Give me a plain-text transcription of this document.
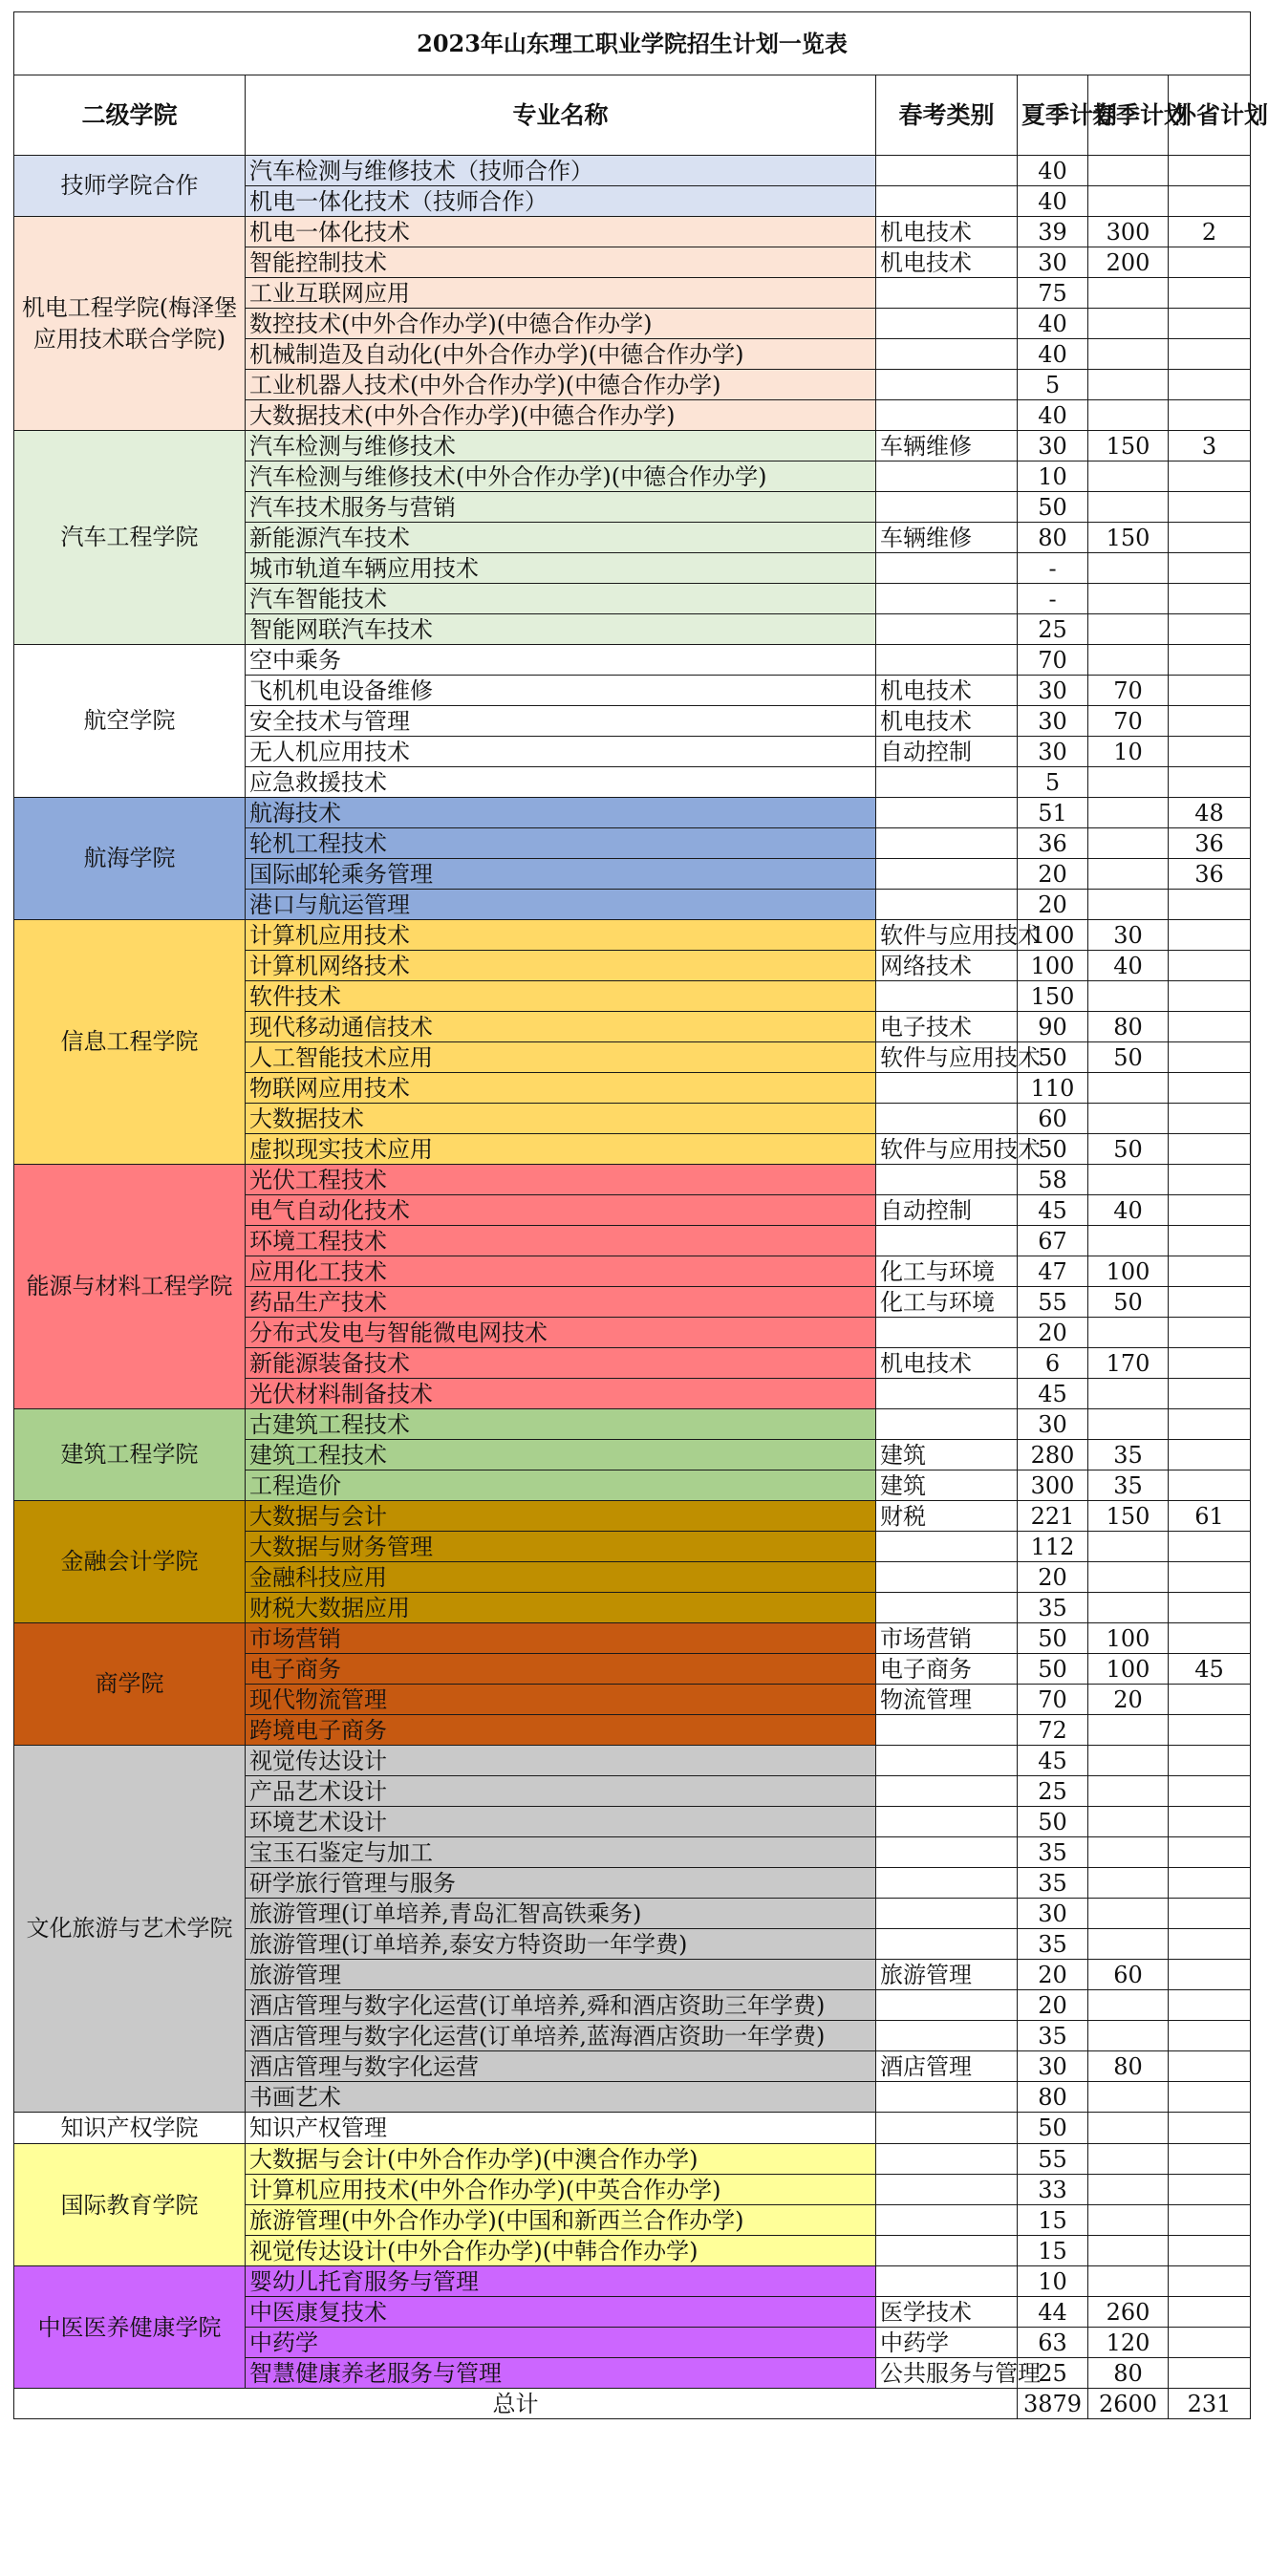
2023年山东理工职业学院招生计划一览表					
二级学院	专业名称	春考类别	夏季计划	春季计划	外省计划
技师学院合作	汽车检测与维修技术（技师合作）		40		
	机电一体化技术（技师合作）		40		
机电工程学院(梅泽堡应用技术联合学院)	机电一体化技术	机电技术	39	300	2
	智能控制技术	机电技术	30	200	
	工业互联网应用		75		
	数控技术(中外合作办学)(中德合作办学)		40		
	机械制造及自动化(中外合作办学)(中德合作办学)		40		
	工业机器人技术(中外合作办学)(中德合作办学)		5		
	大数据技术(中外合作办学)(中德合作办学)		40		
汽车工程学院	汽车检测与维修技术	车辆维修	30	150	3
	汽车检测与维修技术(中外合作办学)(中德合作办学)		10		
	汽车技术服务与营销		50		
	新能源汽车技术	车辆维修	80	150	
	城市轨道车辆应用技术		-		
	汽车智能技术		-		
	智能网联汽车技术		25		
航空学院	空中乘务		70		
	飞机机电设备维修	机电技术	30	70	
	安全技术与管理	机电技术	30	70	
	无人机应用技术	自动控制	30	10	
	应急救援技术		5		
航海学院	航海技术		51		48
	轮机工程技术		36		36
	国际邮轮乘务管理		20		36
	港口与航运管理		20		
信息工程学院	计算机应用技术	软件与应用技术	100	30	
	计算机网络技术	网络技术	100	40	
	软件技术		150		
	现代移动通信技术	电子技术	90	80	
	人工智能技术应用	软件与应用技术	50	50	
	物联网应用技术		110		
	大数据技术		60		
	虚拟现实技术应用	软件与应用技术	50	50	
能源与材料工程学院	光伏工程技术		58		
	电气自动化技术	自动控制	45	40	
	环境工程技术		67		
	应用化工技术	化工与环境	47	100	
	药品生产技术	化工与环境	55	50	
	分布式发电与智能微电网技术		20		
	新能源装备技术	机电技术	6	170	
	光伏材料制备技术		45		
建筑工程学院	古建筑工程技术		30		
	建筑工程技术	建筑	280	35	
	工程造价	建筑	300	35	
金融会计学院	大数据与会计	财税	221	150	61
	大数据与财务管理		112		
	金融科技应用		20		
	财税大数据应用		35		
商学院	市场营销	市场营销	50	100	
	电子商务	电子商务	50	100	45
	现代物流管理	物流管理	70	20	
	跨境电子商务		72		
文化旅游与艺术学院	视觉传达设计		45		
	产品艺术设计		25		
	环境艺术设计		50		
	宝玉石鉴定与加工		35		
	研学旅行管理与服务		35		
	旅游管理(订单培养,青岛汇智高铁乘务)		30		
	旅游管理(订单培养,泰安方特资助一年学费)		35		
	旅游管理	旅游管理	20	60	
	酒店管理与数字化运营(订单培养,舜和酒店资助三年学费)		20		
	酒店管理与数字化运营(订单培养,蓝海酒店资助一年学费)		35		
	酒店管理与数字化运营	酒店管理	30	80	
	书画艺术		80		
知识产权学院	知识产权管理		50		
国际教育学院	大数据与会计(中外合作办学)(中澳合作办学)		55		
	计算机应用技术(中外合作办学)(中英合作办学)		33		
	旅游管理(中外合作办学)(中国和新西兰合作办学)		15		
	视觉传达设计(中外合作办学)(中韩合作办学)		15		
中医医养健康学院	婴幼儿托育服务与管理		10		
	中医康复技术	医学技术	44	260	
	中药学	中药学	63	120	
	智慧健康养老服务与管理	公共服务与管理	25	80	
总计			3879	2600	231
